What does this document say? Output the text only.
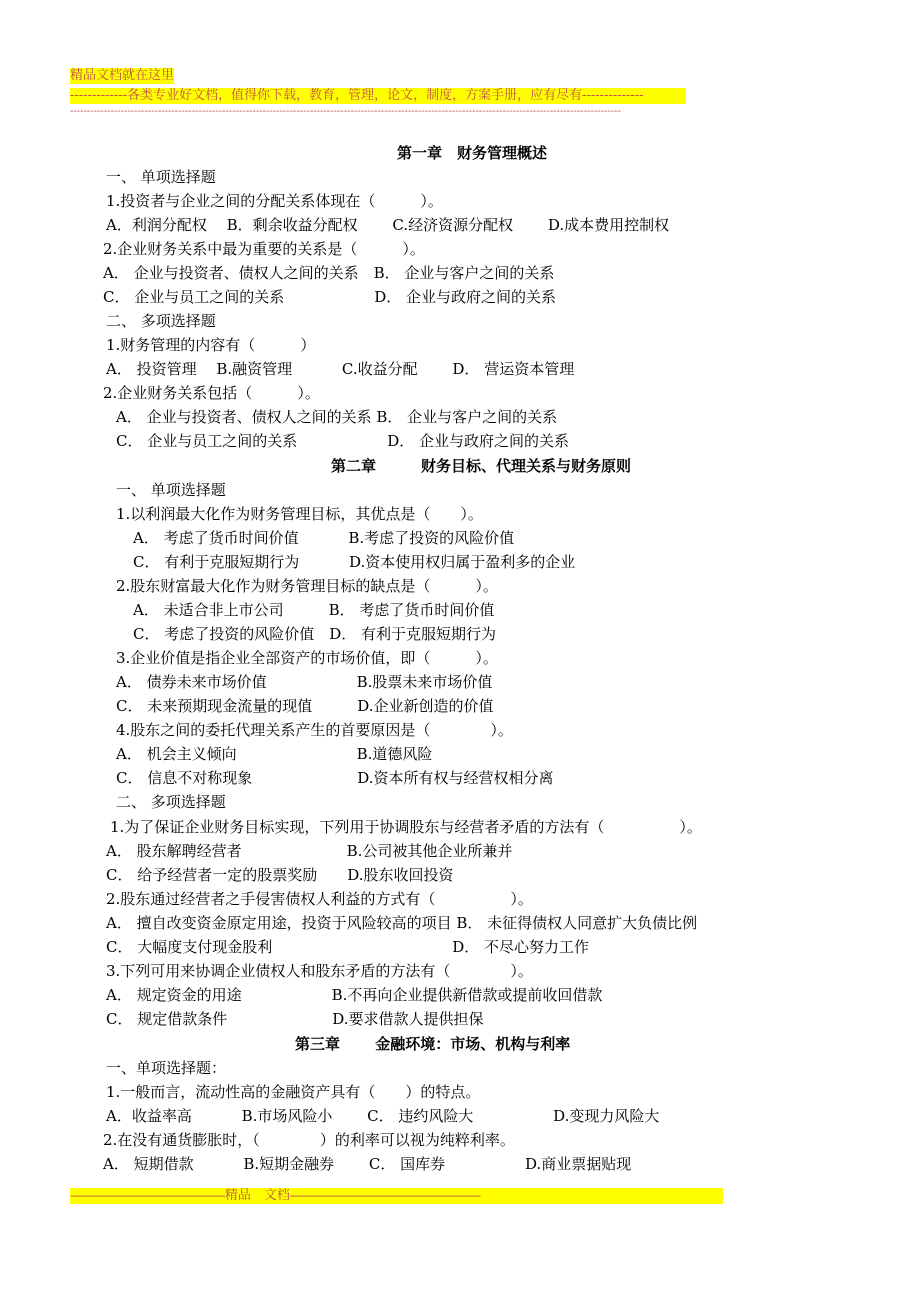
精品文档就在这里
-------------各类专业好文档，值得你下载，教育，管理，论文，制度，方案手册，应有尽有--------------
-------------------------------------------------------------------------------------------------------------------------------------------------------------------
第一章　财务管理概述
一、 单项选择题
1.投资者与企业之间的分配关系体现在（　　　）。
A．利润分配权　 B．剩余收益分配权　　 C.经济资源分配权　　 D.成本费用控制权
2.企业财务关系中最为重要的关系是（　　　）。
A． 企业与投资者、债权人之间的关系　B． 企业与客户之间的关系
C． 企业与员工之间的关系　　　　　　D． 企业与政府之间的关系
二、 多项选择题
1.财务管理的内容有（　　　）
A． 投资管理　 B.融资管理　　　 C.收益分配　　 D． 营运资本管理
2.企业财务关系包括（　　　）。
A． 企业与投资者、债权人之间的关系 B． 企业与客户之间的关系
C． 企业与员工之间的关系　　　　　　D． 企业与政府之间的关系
第二章　　　财务目标、代理关系与财务原则
一、 单项选择题
1.以利润最大化作为财务管理目标，其优点是（　　）。
A． 考虑了货币时间价值　　　 B.考虑了投资的风险价值
C． 有利于克服短期行为　　　 D.资本使用权归属于盈利多的企业
2.股东财富最大化作为财务管理目标的缺点是（　　　）。
A． 未适合非上市公司　　　B． 考虑了货币时间价值
C． 考虑了投资的风险价值　D． 有利于克服短期行为
3.企业价值是指企业全部资产的市场价值，即（　　　）。
A． 债券未来市场价值　　　　　　B.股票未来市场价值
C． 未来预期现金流量的现值　　　D.企业新创造的价值
4.股东之间的委托代理关系产生的首要原因是（　　　　）。
A． 机会主义倾向　　　　　　　　B.道德风险
C． 信息不对称现象　　　　　　　D.资本所有权与经营权相分离
二、 多项选择题
1.为了保证企业财务目标实现，下列用于协调股东与经营者矛盾的方法有（　　　　　）。
A． 股东解聘经营者　　　　　　　B.公司被其他企业所兼并
C． 给予经营者一定的股票奖励　　D.股东收回投资
2.股东通过经营者之手侵害债权人利益的方式有（　　　　　）。
A． 擅自改变资金原定用途，投资于风险较高的项目 B． 未征得债权人同意扩大负债比例
C． 大幅度支付现金股利　　　　　　　　　　　　D． 不尽心努力工作
3.下列可用来协调企业债权人和股东矛盾的方法有（　　　　）。
A． 规定资金的用途　　　　　　B.不再向企业提供新借款或提前收回借款
C． 规定借款条件　　　　　　　D.要求借款人提供担保
第三章　　 金融环境：市场、机构与利率
一、单项选择题：
1.一般而言，流动性高的金融资产具有（　　）的特点。
A．收益率高　　　 B.市场风险小　　 C． 违约风险大　　　　　 D.变现力风险大
2.在没有通货膨胀时，（　　　　）的利率可以视为纯粹利率。
A． 短期借款　　　 B.短期金融券　　 C． 国库券　　　　　 D.商业票据贴现
---------------------------------------------------------精品　文档----------------------------------------------------------------------
